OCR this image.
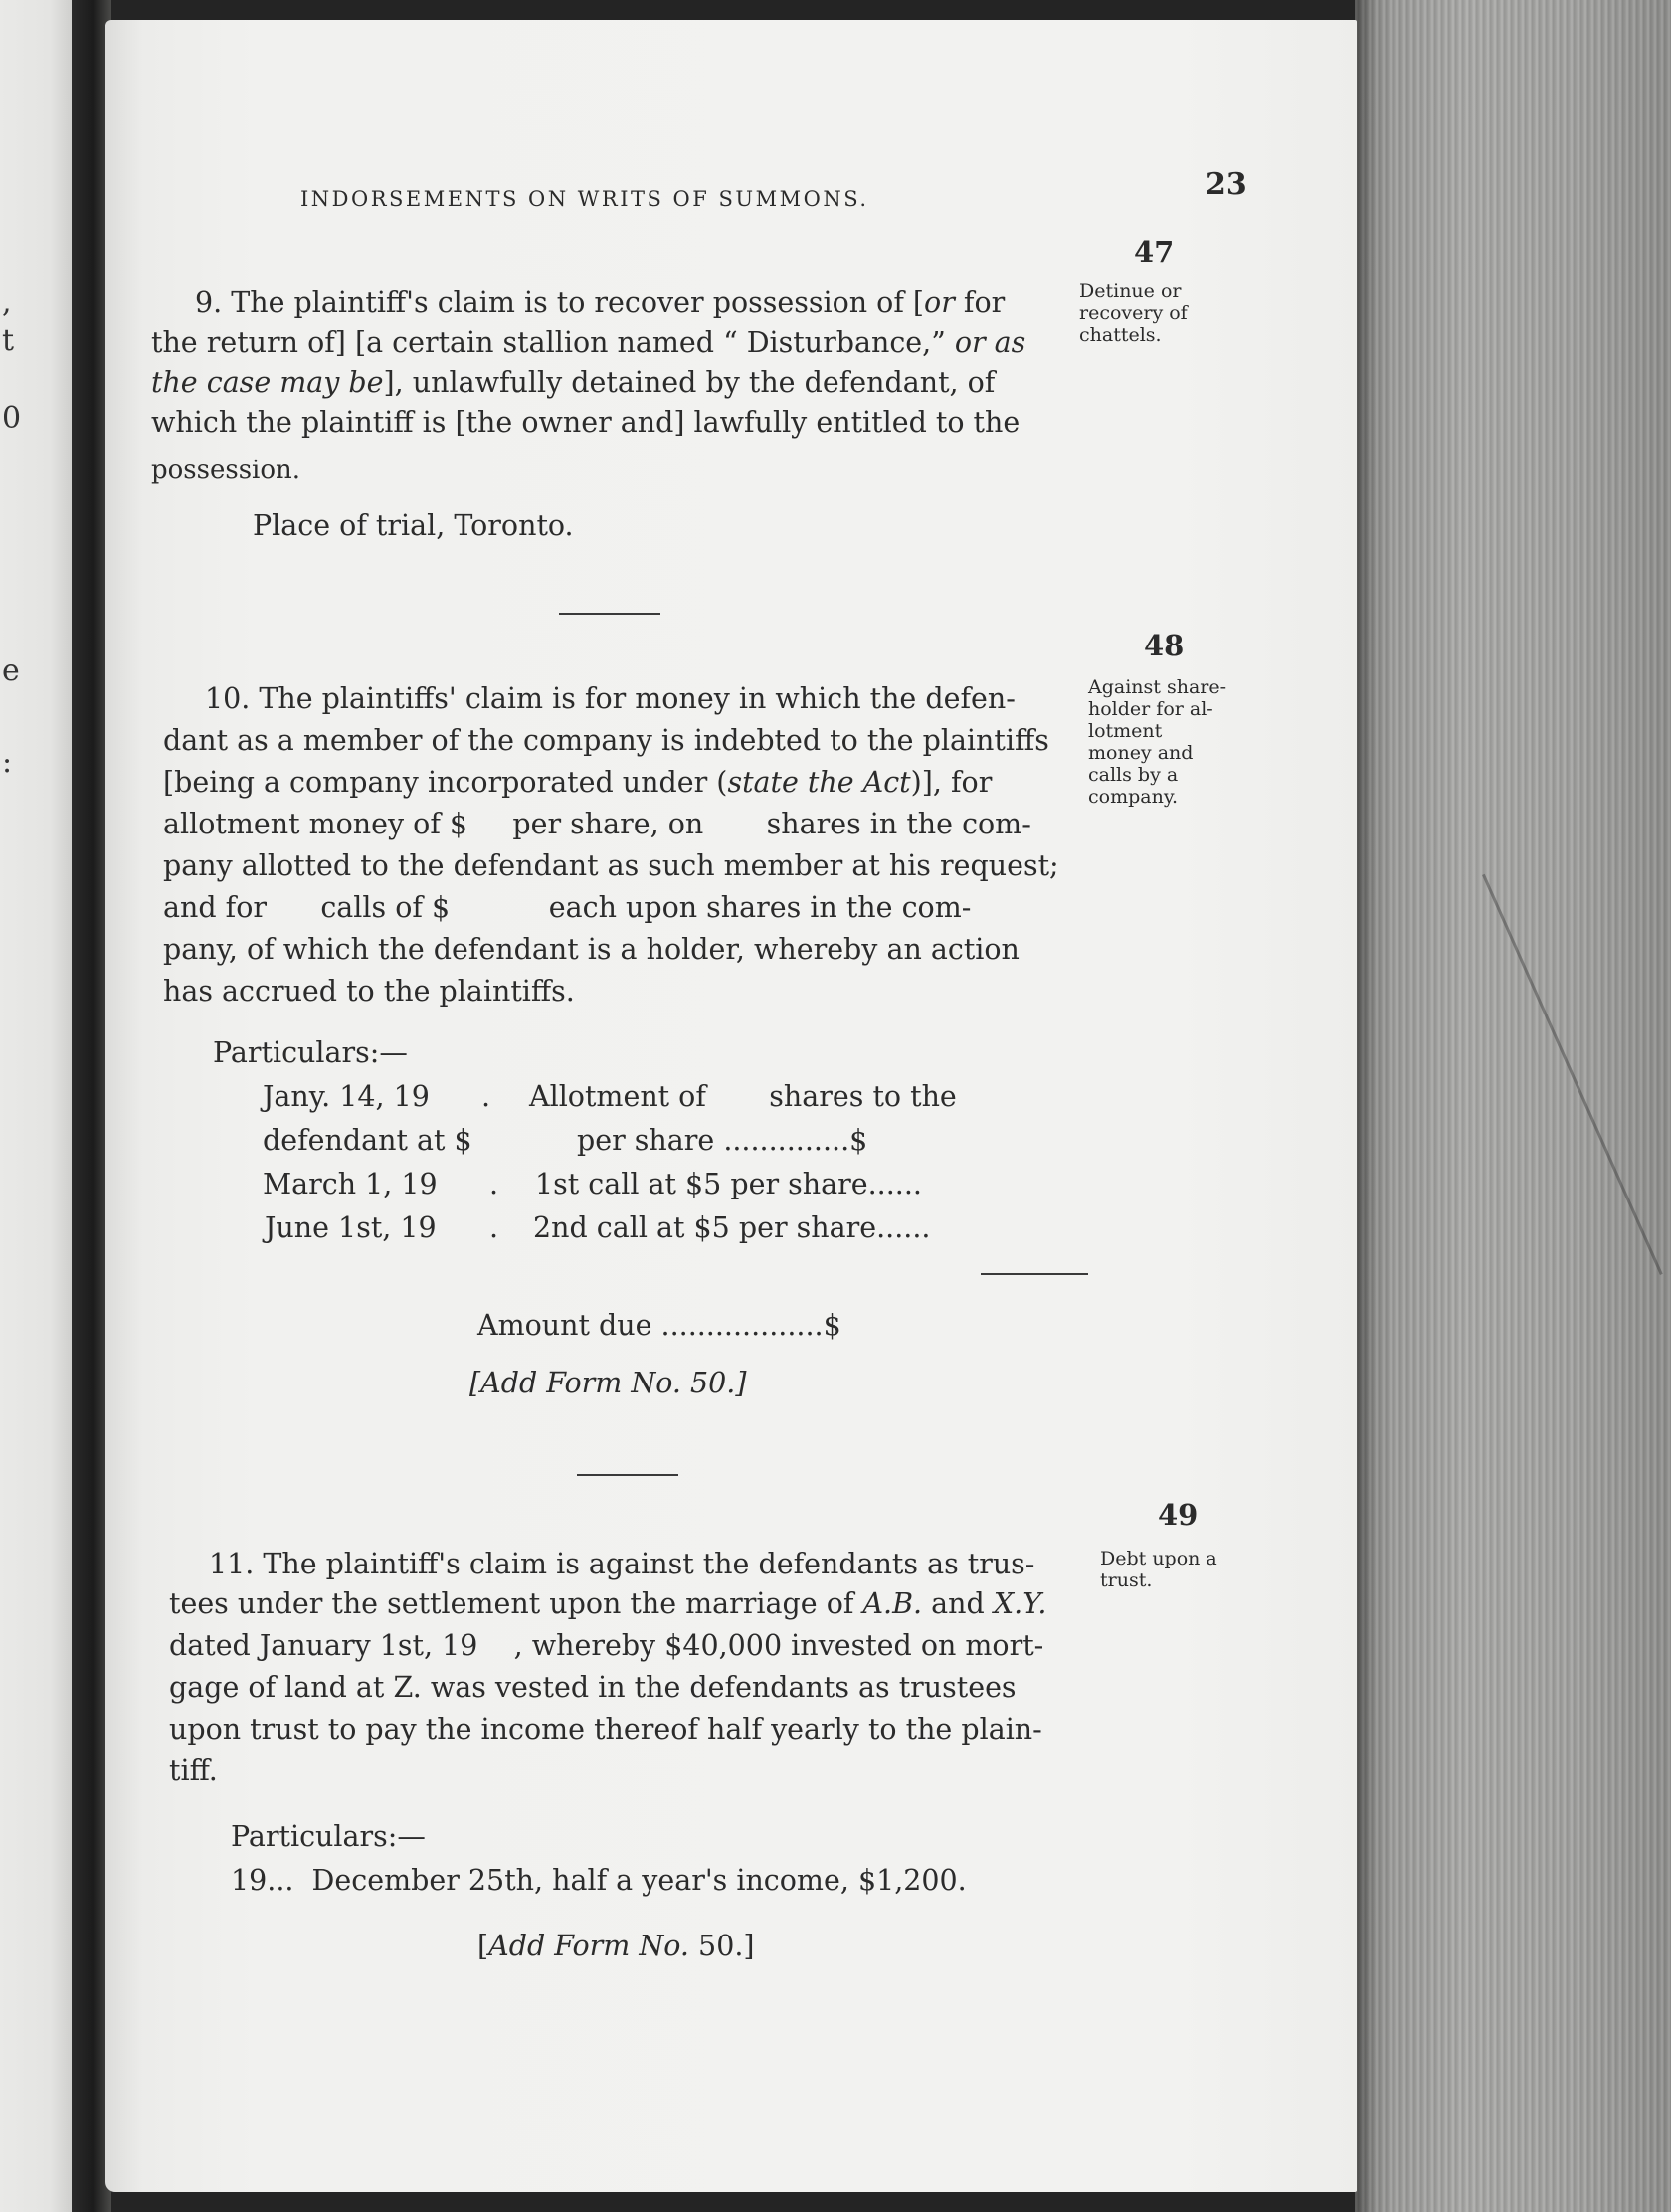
,
t
0
e
:
INDORSEMENTS ON WRITS OF SUMMONS.	23
47
Detinue or
recovery of
chattels.
9. The plaintiff's claim is to recover possession of [or for
the return of] [a certain stallion named “ Disturbance,” or as
the case may be], unlawfully detained by the defendant, of
which the plaintiff is [the owner and] lawfully entitled to the
possession.
Place of trial, Toronto.
48
Against share-
holder for al-
lotment
money and
calls by a
company.
10. The plaintiffs' claim is for money in which the defen-
dant as a member of the company is indebted to the plaintiffs
[being a company incorporated under (state the Act)], for
allotment money of $     per share, on       shares in the com-
pany allotted to the defendant as such member at his request;
and for      calls of $           each upon shares in the com-
pany, of which the defendant is a holder, whereby an action
has accrued to the plaintiffs.
Particulars:—
Jany. 14, 19 . Allotment of       shares to the
defendant at $	per share ..............$
March 1, 19 . 1st call at $5 per share......
June 1st, 19 . 2nd call at $5 per share......
Amount due ..................$
[Add Form No. 50.]
49
Debt upon a
trust.
11. The plaintiff's claim is against the defendants as trus-
tees under the settlement upon the marriage of A.B. and X.Y.
dated January 1st, 19    , whereby $40,000 invested on mort-
gage of land at Z. was vested in the defendants as trustees
upon trust to pay the income thereof half yearly to the plain-
tiff.
Particulars:—
19...  December 25th, half a year's income, $1,200.
[Add Form No. 50.]
